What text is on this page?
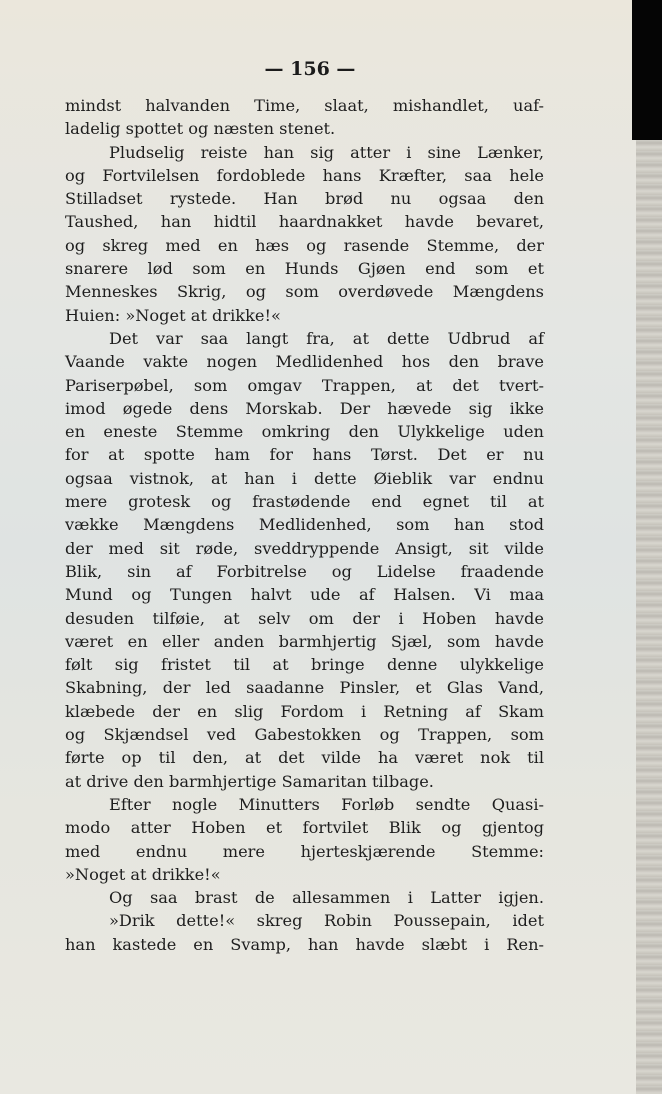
— 156 —
mindst halvanden Time, slaat, mishandlet, uaf-
ladelig spottet og næsten stenet.
Pludselig reiste han sig atter i sine Lænker,
og Fortvilelsen fordoblede hans Kræfter, saa hele
Stilladset rystede. Han brød nu ogsaa den
Taushed, han hidtil haardnakket havde bevaret,
og skreg med en hæs og rasende Stemme, der
snarere lød som en Hunds Gjøen end som et
Menneskes Skrig, og som overdøvede Mængdens
Huien: »Noget at drikke!«
Det var saa langt fra, at dette Udbrud af
Vaande vakte nogen Medlidenhed hos den brave
Pariserpøbel, som omgav Trappen, at det tvert-
imod øgede dens Morskab. Der hævede sig ikke
en eneste Stemme omkring den Ulykkelige uden
for at spotte ham for hans Tørst. Det er nu
ogsaa vistnok, at han i dette Øieblik var endnu
mere grotesk og frastødende end egnet til at
vække Mængdens Medlidenhed, som han stod
der med sit røde, sveddryppende Ansigt, sit vilde
Blik, sin af Forbitrelse og Lidelse fraadende
Mund og Tungen halvt ude af Halsen. Vi maa
desuden tilføie, at selv om der i Hoben havde
været en eller anden barmhjertig Sjæl, som havde
følt sig fristet til at bringe denne ulykkelige
Skabning, der led saadanne Pinsler, et Glas Vand,
klæbede der en slig Fordom i Retning af Skam
og Skjændsel ved Gabestokken og Trappen, som
førte op til den, at det vilde ha været nok til
at drive den barmhjertige Samaritan tilbage.
Efter nogle Minutters Forløb sendte Quasi-
modo atter Hoben et fortvilet Blik og gjentog
med endnu mere hjerteskjærende Stemme:
»Noget at drikke!«
Og saa brast de allesammen i Latter igjen.
»Drik dette!« skreg Robin Poussepain, idet
han kastede en Svamp, han havde slæbt i Ren-
